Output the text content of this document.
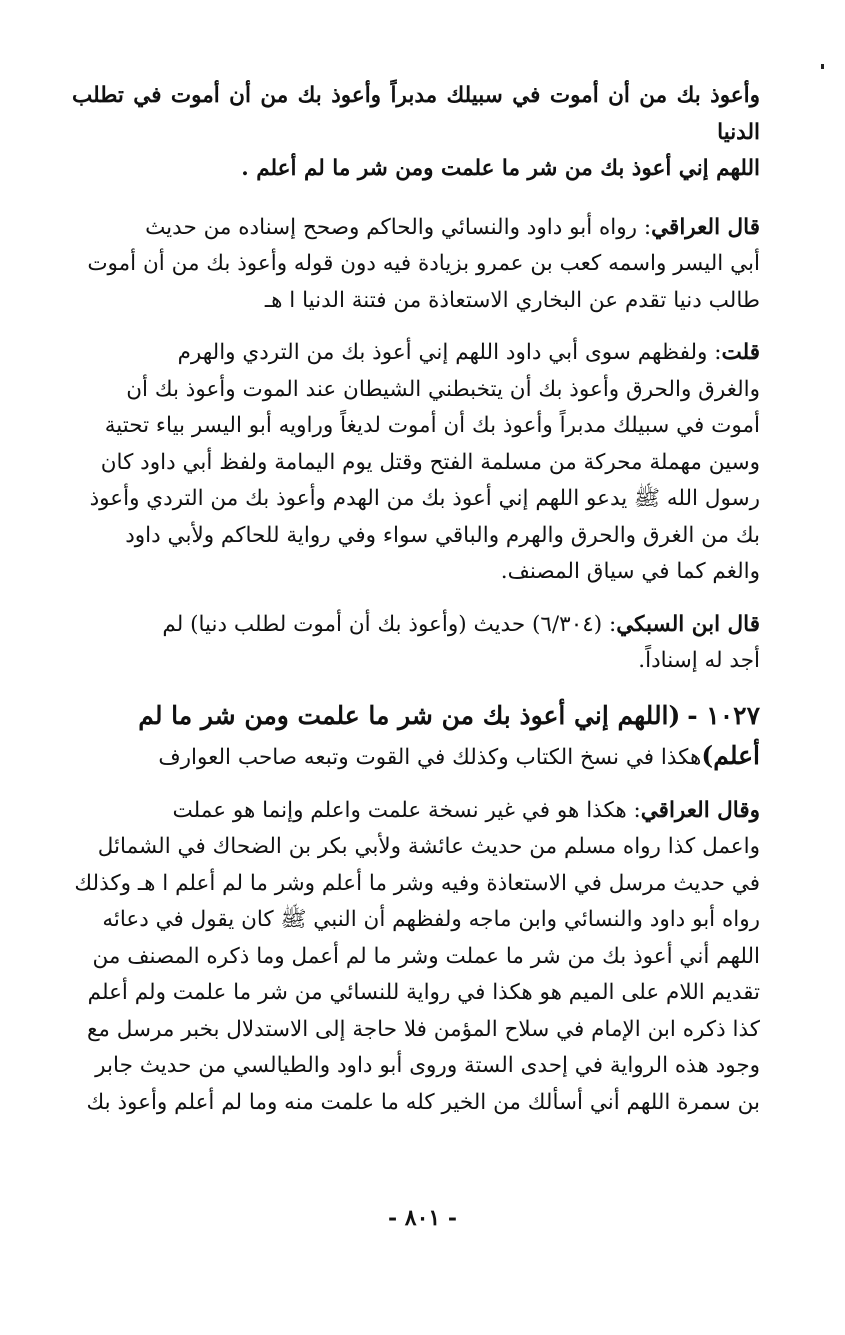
وأعوذ بك من أن أموت في سبيلك مدبراً وأعوذ بك من أن أموت في تطلب الدنيا
اللهم إني أعوذ بك من شر ما علمت ومن شر ما لم أعلم .

قال العراقي: رواه أبو داود والنسائي والحاكم وصحح إسناده من حديث
أبي اليسر واسمه كعب بن عمرو بزيادة فيه دون قوله وأعوذ بك من أن أموت
طالب دنيا تقدم عن البخاري الاستعاذة من فتنة الدنيا ا هـ

قلت: ولفظهم سوى أبي داود اللهم إني أعوذ بك من التردي والهرم
والغرق والحرق وأعوذ بك أن يتخبطني الشيطان عند الموت وأعوذ بك أن
أموت في سبيلك مدبراً وأعوذ بك أن أموت لديغاً وراويه أبو اليسر بياء تحتية
وسين مهملة محركة من مسلمة الفتح وقتل يوم اليمامة ولفظ أبي داود كان
رسول الله ﷺ يدعو اللهم إني أعوذ بك من الهدم وأعوذ بك من التردي وأعوذ
بك من الغرق والحرق والهرم والباقي سواء وفي رواية للحاكم ولأبي داود
والغم كما في سياق المصنف.

قال ابن السبكي: (٦/٣٠٤) حديث (وأعوذ بك أن أموت لطلب دنيا) لم
أجد له إسناداً.

١٠٢٧ - (اللهم إني أعوذ بك من شر ما علمت ومن شر ما لم
أعلم)هكذا في نسخ الكتاب وكذلك في القوت وتبعه صاحب العوارف

وقال العراقي: هكذا هو في غير نسخة علمت واعلم وإنما هو عملت
واعمل كذا رواه مسلم من حديث عائشة ولأبي بكر بن الضحاك في الشمائل
في حديث مرسل في الاستعاذة وفيه وشر ما أعلم وشر ما لم أعلم ا هـ وكذلك
رواه أبو داود والنسائي وابن ماجه ولفظهم أن النبي ﷺ كان يقول في دعائه
اللهم أني أعوذ بك من شر ما عملت وشر ما لم أعمل وما ذكره المصنف من
تقديم اللام على الميم هو هكذا في رواية للنسائي من شر ما علمت ولم أعلم
كذا ذكره ابن الإمام في سلاح المؤمن فلا حاجة إلى الاستدلال بخبر مرسل مع
وجود هذه الرواية في إحدى الستة وروى أبو داود والطيالسي من حديث جابر
بن سمرة اللهم أني أسألك من الخير كله ما علمت منه وما لم أعلم وأعوذ بك

- ٨٠١ -
